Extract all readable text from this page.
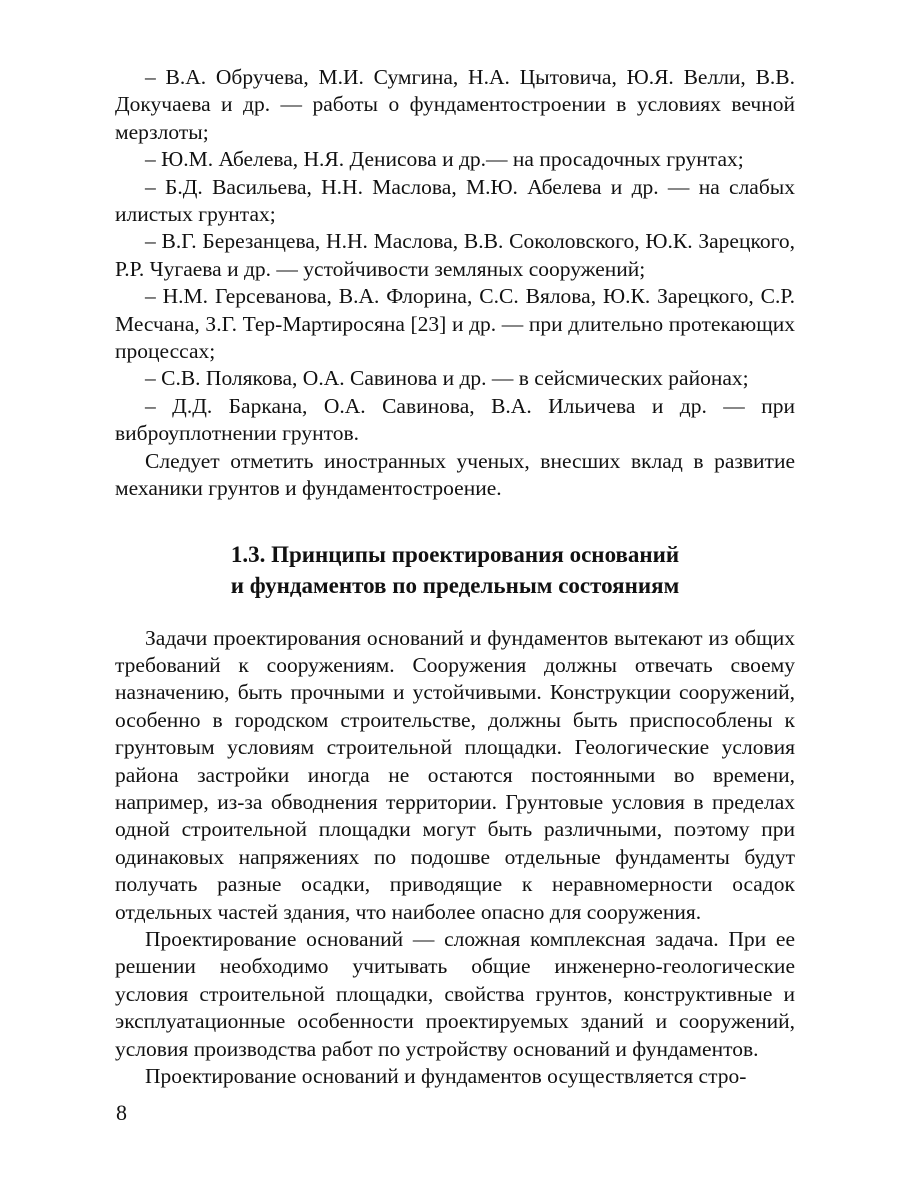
– В.А. Обручева, М.И. Сумгина, Н.А. Цытовича, Ю.Я. Велли, В.В. Докучаева и др. — работы о фундаментостроении в условиях вечной мерзлоты;

– Ю.М. Абелева, Н.Я. Денисова и др.— на просадочных грунтах;

– Б.Д. Васильева, Н.Н. Маслова, М.Ю. Абелева и др. — на слабых илистых грунтах;

– В.Г. Березанцева, Н.Н. Маслова, В.В. Соколовского, Ю.К. Зарецкого, Р.Р. Чугаева и др. — устойчивости земляных сооружений;

– Н.М. Герсеванова, В.А. Флорина, С.С. Вялова, Ю.К. Зарецкого, С.Р. Месчана, З.Г. Тер-Мартиросяна [23] и др. — при длительно протекающих процессах;

– С.В. Полякова, О.А. Савинова и др. — в сейсмических районах;

– Д.Д. Баркана, О.А. Савинова, В.А. Ильичева и др. — при виброуплотнении грунтов.

Следует отметить иностранных ученых, внесших вклад в развитие механики грунтов и фундаментостроение.

1.3. Принципы проектирования оснований
и фундаментов по предельным состояниям

Задачи проектирования оснований и фундаментов вытекают из общих требований к сооружениям. Сооружения должны отвечать своему назначению, быть прочными и устойчивыми. Конструкции сооружений, особенно в городском строительстве, должны быть приспособлены к грунтовым условиям строительной площадки. Геологические условия района застройки иногда не остаются постоянными во времени, например, из-за обводнения территории. Грунтовые условия в пределах одной строительной площадки могут быть различными, поэтому при одинаковых напряжениях по подошве отдельные фундаменты будут получать разные осадки, приводящие к неравномерности осадок отдельных частей здания, что наиболее опасно для сооружения.

Проектирование оснований — сложная комплексная задача. При ее решении необходимо учитывать общие инженерно-геологические условия строительной площадки, свойства грунтов, конструктивные и эксплуатационные особенности проектируемых зданий и сооружений, условия производства работ по устройству оснований и фундаментов.

Проектирование оснований и фундаментов осуществляется стро-

8
